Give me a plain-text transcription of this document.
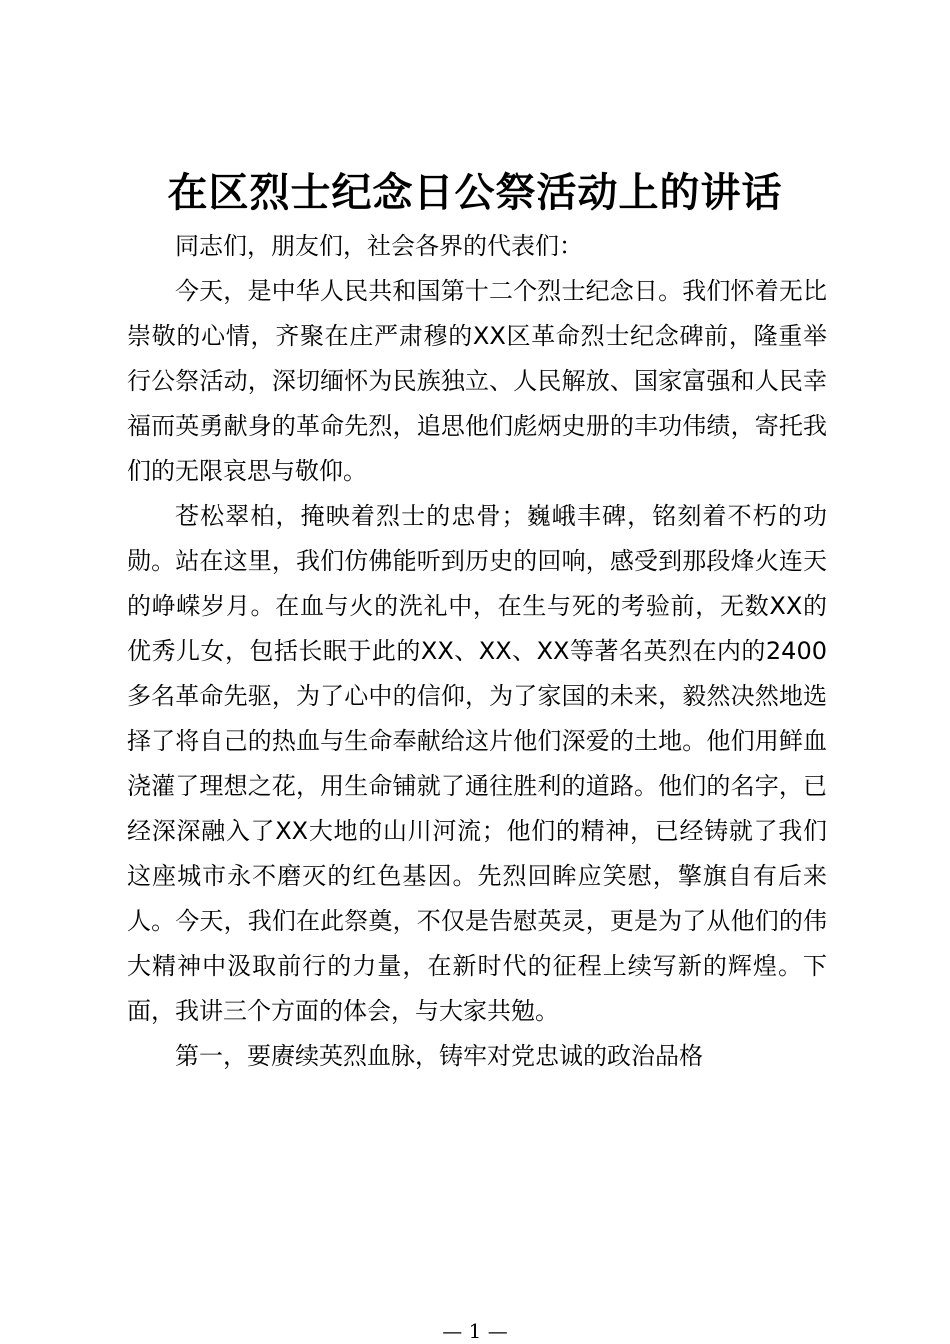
在区烈士纪念日公祭活动上的讲话

同志们，朋友们，社会各界的代表们：

今天，是中华人民共和国第十二个烈士纪念日。我们怀着无比崇敬的心情，齐聚在庄严肃穆的XX区革命烈士纪念碑前，隆重举行公祭活动，深切缅怀为民族独立、人民解放、国家富强和人民幸福而英勇献身的革命先烈，追思他们彪炳史册的丰功伟绩，寄托我们的无限哀思与敬仰。

苍松翠柏，掩映着烈士的忠骨；巍峨丰碑，铭刻着不朽的功勋。站在这里，我们仿佛能听到历史的回响，感受到那段烽火连天的峥嵘岁月。在血与火的洗礼中，在生与死的考验前，无数XX的优秀儿女，包括长眠于此的XX、XX、XX等著名英烈在内的2400多名革命先驱，为了心中的信仰，为了家国的未来，毅然决然地选择了将自己的热血与生命奉献给这片他们深爱的土地。他们用鲜血浇灌了理想之花，用生命铺就了通往胜利的道路。他们的名字，已经深深融入了XX大地的山川河流；他们的精神，已经铸就了我们这座城市永不磨灭的红色基因。先烈回眸应笑慰，擎旗自有后来人。今天，我们在此祭奠，不仅是告慰英灵，更是为了从他们的伟大精神中汲取前行的力量，在新时代的征程上续写新的辉煌。下面，我讲三个方面的体会，与大家共勉。

第一，要赓续英烈血脉，铸牢对党忠诚的政治品格

— 1 —
